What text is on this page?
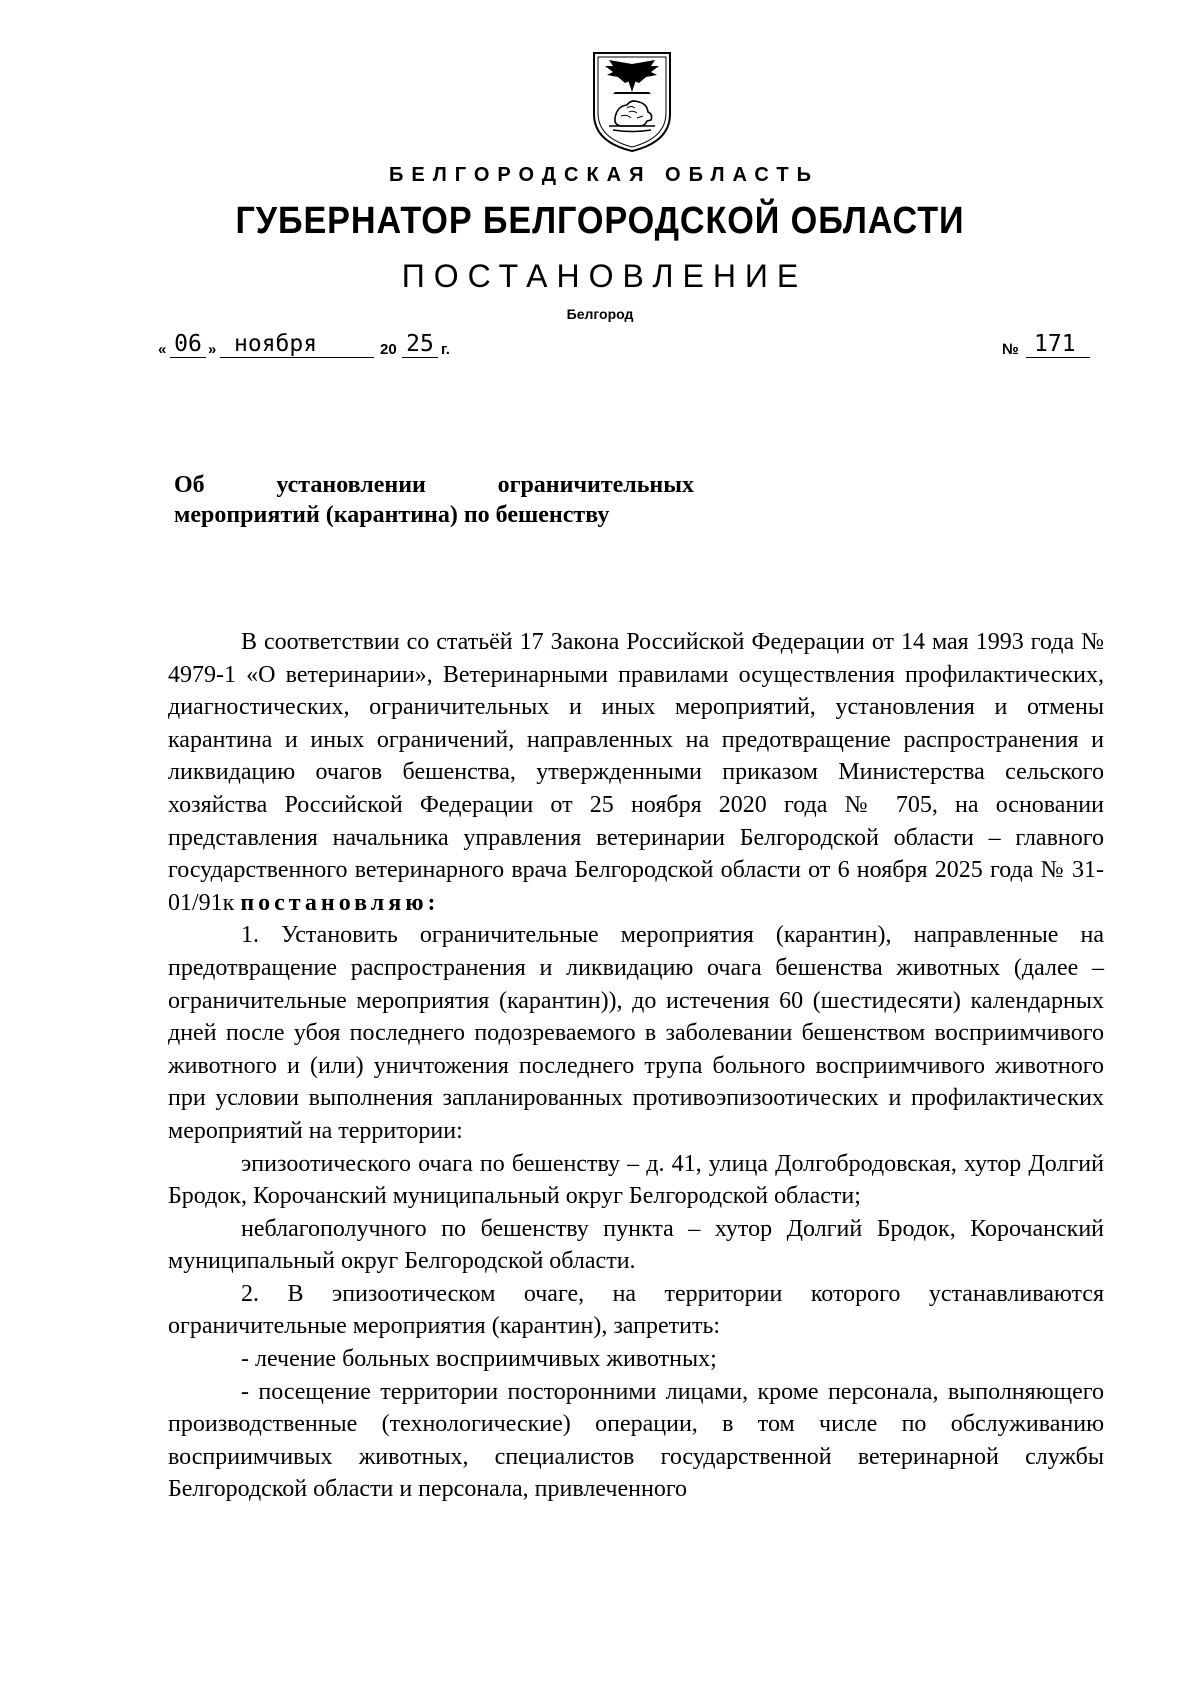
БЕЛГОРОДСКАЯ ОБЛАСТЬ
ГУБЕРНАТОР БЕЛГОРОДСКОЙ ОБЛАСТИ
ПОСТАНОВЛЕНИЕ
Белгород
« 06 » ноября	20 25 г.	№ 171
Об	установлении	ограничительных
мероприятий (карантина) по бешенству

В соответствии со статьёй 17 Закона Российской Федерации от 14 мая 1993 года № 4979-1 «О ветеринарии», Ветеринарными правилами осуществления профилактических, диагностических, ограничительных и иных мероприятий, установления и отмены карантина и иных ограничений, направленных на предотвращение распространения и ликвидацию очагов бешенства, утвержденными приказом Министерства сельского хозяйства Российской Федерации от 25 ноября 2020 года № 705, на основании представления начальника управления ветеринарии Белгородской области – главного государственного ветеринарного врача Белгородской области от 6 ноября 2025 года № 31-01/91к постановляю:

1. Установить ограничительные мероприятия (карантин), направленные на предотвращение распространения и ликвидацию очага бешенства животных (далее – ограничительные мероприятия (карантин)), до истечения 60 (шестидесяти) календарных дней после убоя последнего подозреваемого в заболевании бешенством восприимчивого животного и (или) уничтожения последнего трупа больного восприимчивого животного при условии выполнения запланированных противоэпизоотических и профилактических мероприятий на территории:

эпизоотического очага по бешенству – д. 41, улица Долгобродовская, хутор Долгий Бродок, Корочанский муниципальный округ Белгородской области;

неблагополучного по бешенству пункта – хутор Долгий Бродок, Корочанский муниципальный округ Белгородской области.

2. В эпизоотическом очаге, на территории которого устанавливаются ограничительные мероприятия (карантин), запретить:

- лечение больных восприимчивых животных;

- посещение территории посторонними лицами, кроме персонала, выполняющего производственные (технологические) операции, в том числе по обслуживанию восприимчивых животных, специалистов государственной ветеринарной службы Белгородской области и персонала, привлеченного
